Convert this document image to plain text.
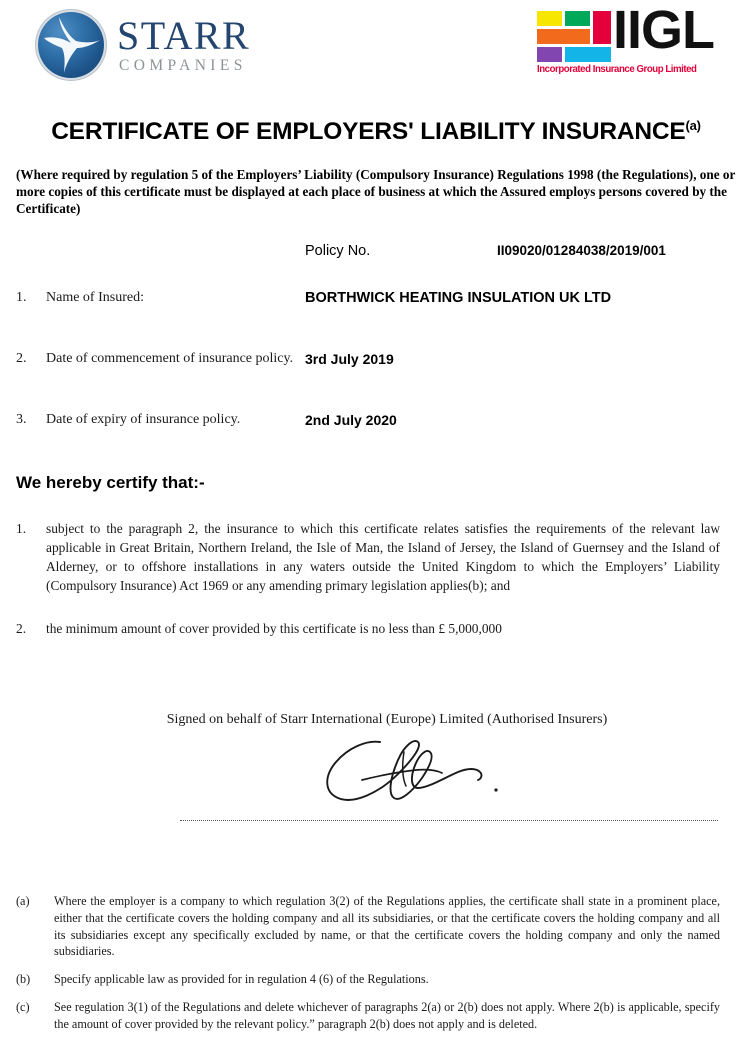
STARR
COMPANIES
IIGL
Incorporated Insurance Group Limited
CERTIFICATE OF EMPLOYERS' LIABILITY INSURANCE$^{(a)}$
(Where required by regulation 5 of the Employers’ Liability (Compulsory Insurance) Regulations 1998 (the Regulations), one or more copies of this certificate must be displayed at each place of business at which the Assured employs persons covered by the Certificate)
Policy No.	II09020/01284038/2019/001
1. Name of Insured:	BORTHWICK HEATING INSULATION UK LTD
2. Date of commencement of insurance policy. 3rd July 2019
3. Date of expiry of insurance policy.	2nd July 2020
We hereby certify that:-
1. subject to the paragraph 2, the insurance to which this certificate relates satisfies the requirements of the relevant law applicable in Great Britain, Northern Ireland, the Isle of Man, the Island of Jersey, the Island of Guernsey and the Island of Alderney, or to offshore installations in any waters outside the United Kingdom to which the Employers’ Liability (Compulsory Insurance) Act 1969 or any amending primary legislation applies(b); and
2. the minimum amount of cover provided by this certificate is no less than £ 5,000,000
Signed on behalf of Starr International (Europe) Limited (Authorised Insurers)
(a) Where the employer is a company to which regulation 3(2) of the Regulations applies, the certificate shall state in a prominent place, either that the certificate covers the holding company and all its subsidiaries, or that the certificate covers the holding company and all its subsidiaries except any specifically excluded by name, or that the certificate covers the holding company and only the named subsidiaries.
(b) Specify applicable law as provided for in regulation 4 (6) of the Regulations.
(c) See regulation 3(1) of the Regulations and delete whichever of paragraphs 2(a) or 2(b) does not apply. Where 2(b) is applicable, specify the amount of cover provided by the relevant policy.” paragraph 2(b) does not apply and is deleted.
